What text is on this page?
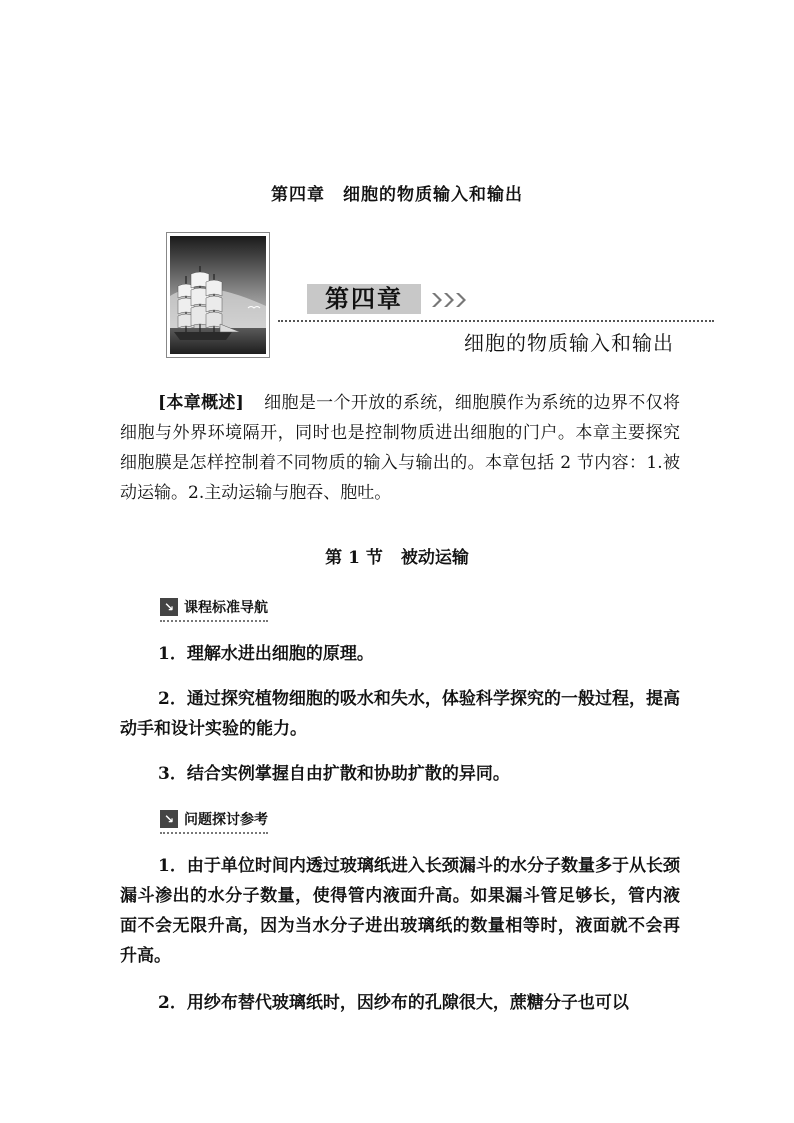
第四章　细胞的物质输入和输出
第四章
细胞的物质输入和输出
[本章概述] 细胞是一个开放的系统，细胞膜作为系统的边界不仅将细胞与外界环境隔开，同时也是控制物质进出细胞的门户。本章主要探究细胞膜是怎样控制着不同物质的输入与输出的。本章包括 2 节内容：1.被动运输。2.主动运输与胞吞、胞吐。
第 1 节 被动运输
↘ 课程标准导航
1．理解水进出细胞的原理。
2．通过探究植物细胞的吸水和失水，体验科学探究的一般过程，提高动手和设计实验的能力。
3．结合实例掌握自由扩散和协助扩散的异同。
↘ 问题探讨参考
1．由于单位时间内透过玻璃纸进入长颈漏斗的水分子数量多于从长颈漏斗渗出的水分子数量，使得管内液面升高。如果漏斗管足够长，管内液面不会无限升高，因为当水分子进出玻璃纸的数量相等时，液面就不会再升高。
2．用纱布替代玻璃纸时，因纱布的孔隙很大，蔗糖分子也可以
